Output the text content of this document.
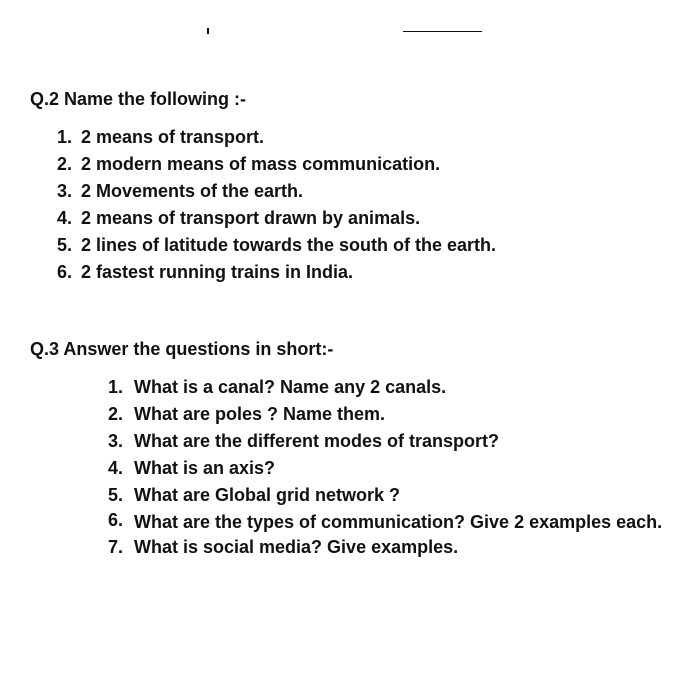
Q.2 Name the following :-
1. 2 means of transport.
2. 2 modern means of mass communication.
3. 2 Movements of the earth.
4. 2 means of transport drawn by animals.
5. 2 lines of latitude towards the south of the earth.
6. 2 fastest running trains in India.
Q.3 Answer the questions in short:-
1. What is a canal? Name any 2 canals.
2. What are poles ? Name them.
3. What are the different modes of transport?
4. What is an axis?
5. What are Global grid network ?
6. What are the types of communication? Give 2 examples each.
7. What is social media? Give examples.
